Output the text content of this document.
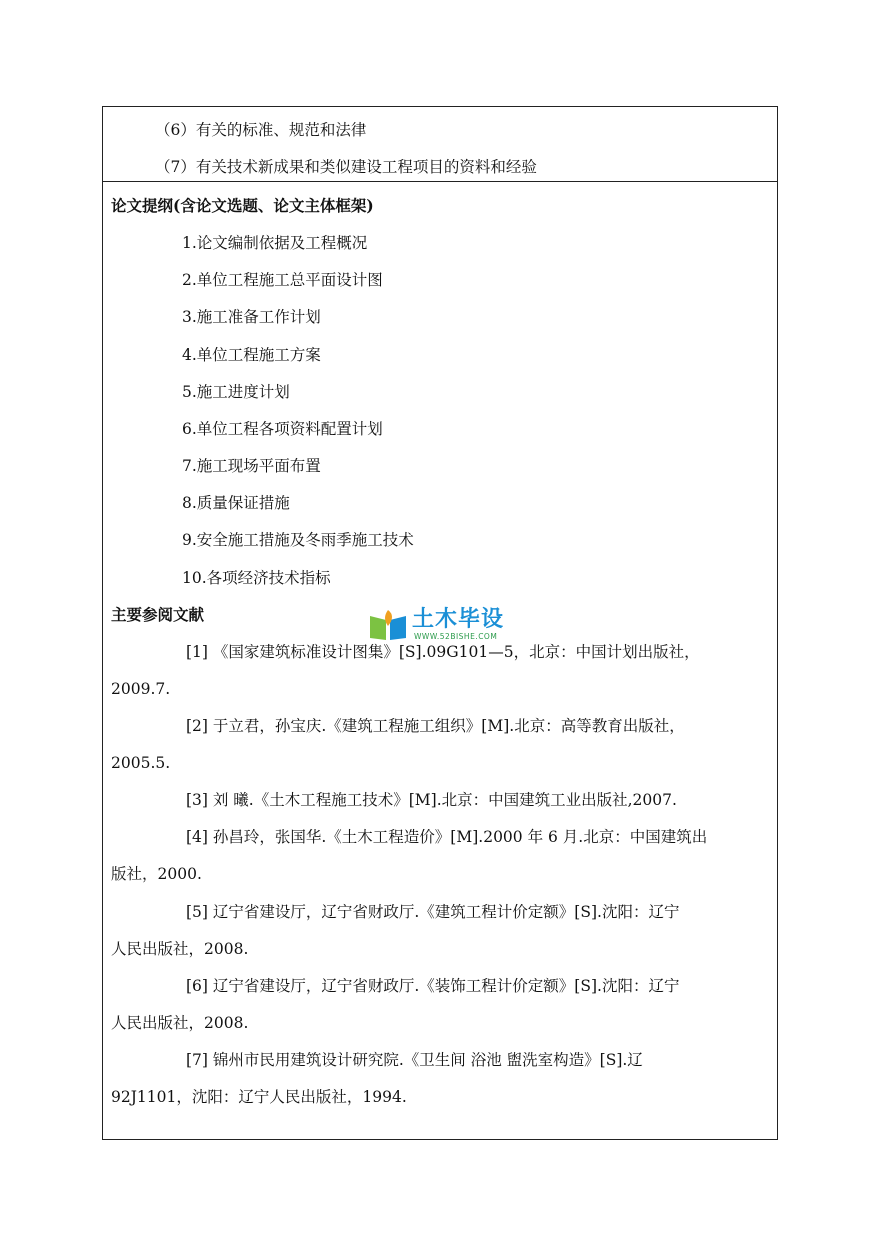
（6）有关的标准、规范和法律
（7）有关技术新成果和类似建设工程项目的资料和经验
论文提纲(含论文选题、论文主体框架)
1.论文编制依据及工程概况
2.单位工程施工总平面设计图
3.施工准备工作计划
4.单位工程施工方案
5.施工进度计划
6.单位工程各项资料配置计划
7.施工现场平面布置
8.质量保证措施
9.安全施工措施及冬雨季施工技术
10.各项经济技术指标
主要参阅文献	土木毕设
WWW.52BISHE.COM
[1] 《国家建筑标准设计图集》[S].09G101—5，北京：中国计划出版社，
2009.7.
[2] 于立君，孙宝庆.《建筑工程施工组织》[M].北京：高等教育出版社，
2005.5.
[3] 刘 曦.《土木工程施工技术》[M].北京：中国建筑工业出版社,2007.
[4] 孙昌玲，张国华.《土木工程造价》[M].2000 年 6 月.北京：中国建筑出
版社，2000.
[5] 辽宁省建设厅，辽宁省财政厅.《建筑工程计价定额》[S].沈阳：辽宁
人民出版社，2008.
[6] 辽宁省建设厅，辽宁省财政厅.《装饰工程计价定额》[S].沈阳：辽宁
人民出版社，2008.
[7] 锦州市民用建筑设计研究院.《卫生间 浴池 盥洗室构造》[S].辽
92J1101，沈阳：辽宁人民出版社，1994.
